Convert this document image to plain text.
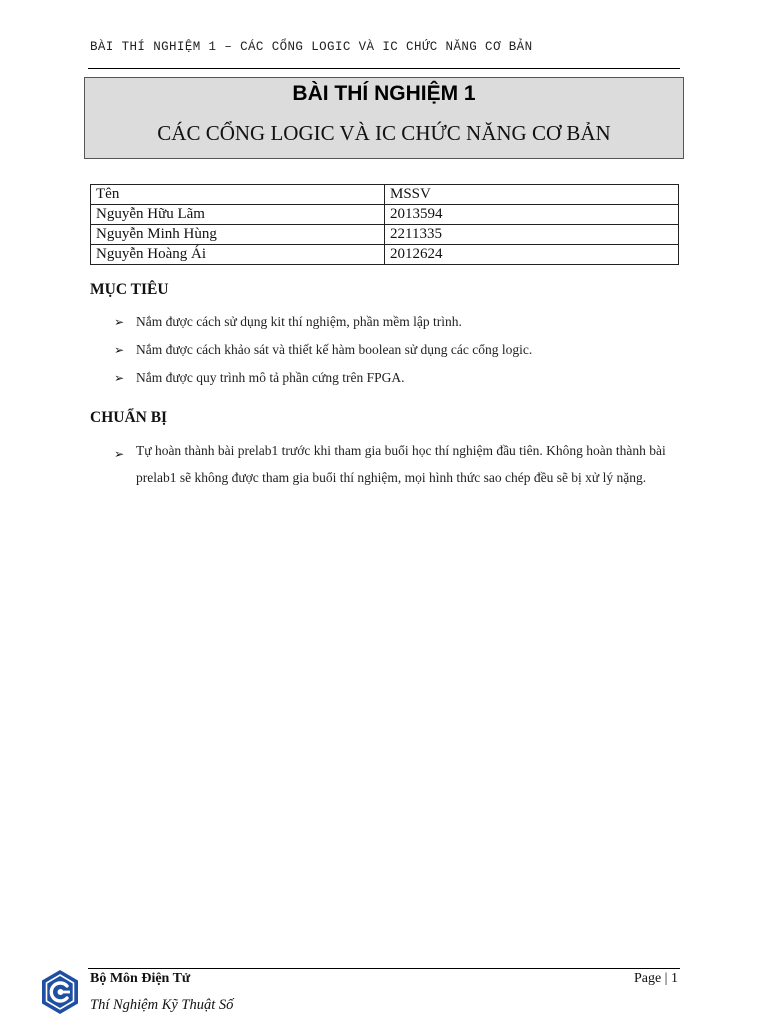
BÀI THÍ NGHIỆM 1 – CÁC CỔNG LOGIC VÀ IC CHỨC NĂNG CƠ BẢN
BÀI THÍ NGHIỆM 1
CÁC CỔNG LOGIC VÀ IC CHỨC NĂNG CƠ BẢN
Tên	MSSV
Nguyễn Hữu Lãm	2013594
Nguyễn Minh Hùng	2211335
Nguyễn Hoàng Ái	2012624
MỤC TIÊU
➢ Nắm được cách sử dụng kit thí nghiệm, phần mềm lập trình.
➢ Nắm được cách khảo sát và thiết kế hàm boolean sử dụng các cổng logic.
➢ Nắm được quy trình mô tả phần cứng trên FPGA.
CHUẨN BỊ
➢ Tự hoàn thành bài prelab1 trước khi tham gia buổi học thí nghiệm đầu tiên. Không hoàn thành bài prelab1 sẽ không được tham gia buổi thí nghiệm, mọi hình thức sao chép đều sẽ bị xử lý nặng.
Bộ Môn Điện Tử
Thí Nghiệm Kỹ Thuật Số
Page | 1
